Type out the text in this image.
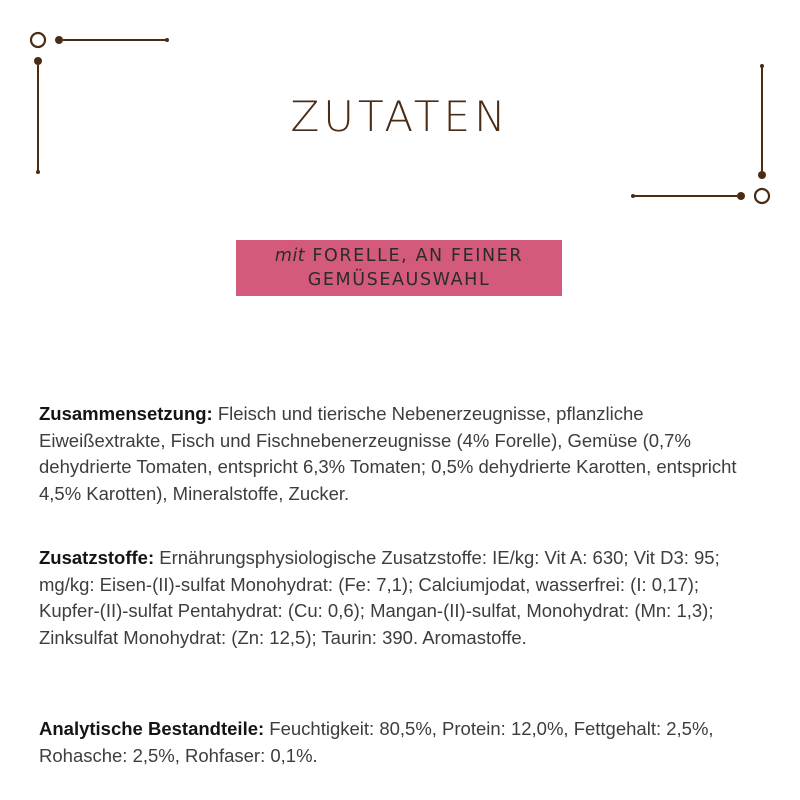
ZUTATEN
mit FORELLE, AN FEINER
GEMÜSEAUSWAHL
Zusammensetzung: Fleisch und tierische Nebenerzeugnisse, pflanzliche Eiweißextrakte, Fisch und Fischnebenerzeugnisse (4% Forelle), Gemüse (0,7% dehydrierte Tomaten, entspricht 6,3% Tomaten; 0,5% dehydrierte Karotten, entspricht 4,5% Karotten), Mineralstoffe, Zucker.
Zusatzstoffe: Ernährungsphysiologische Zusatzstoffe: IE/kg: Vit A: 630; Vit D3: 95; mg/kg: Eisen-(II)-sulfat Monohydrat: (Fe: 7,1); Calciumjodat, wasserfrei: (I: 0,17); Kupfer-(II)-sulfat Pentahydrat: (Cu: 0,6); Mangan-(II)-sulfat, Monohydrat: (Mn: 1,3); Zinksulfat Monohydrat: (Zn: 12,5); Taurin: 390. Aromastoffe.
Analytische Bestandteile: Feuchtigkeit: 80,5%, Protein: 12,0%, Fettgehalt: 2,5%, Rohasche: 2,5%, Rohfaser: 0,1%.
